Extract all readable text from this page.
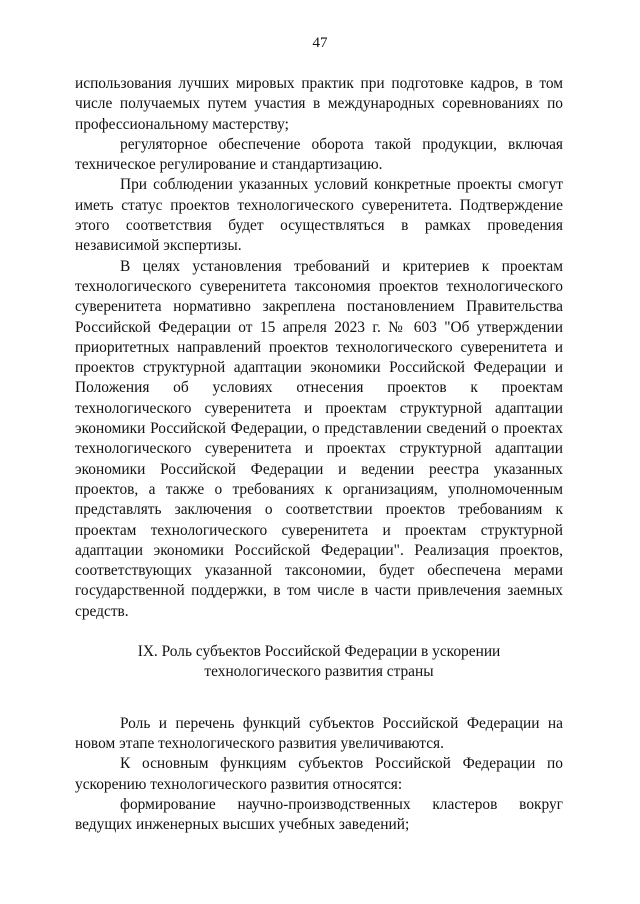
47

использования лучших мировых практик при подготовке кадров, в том числе получаемых путем участия в международных соревнованиях по профессиональному мастерству;

регуляторное обеспечение оборота такой продукции, включая техническое регулирование и стандартизацию.

При соблюдении указанных условий конкретные проекты смогут иметь статус проектов технологического суверенитета. Подтверждение этого соответствия будет осуществляться в рамках проведения независимой экспертизы.

В целях установления требований и критериев к проектам технологического суверенитета таксономия проектов технологического суверенитета нормативно закреплена постановлением Правительства Российской Федерации от 15 апреля 2023 г. № 603 "Об утверждении приоритетных направлений проектов технологического суверенитета и проектов структурной адаптации экономики Российской Федерации и Положения об условиях отнесения проектов к проектам технологического суверенитета и проектам структурной адаптации экономики Российской Федерации, о представлении сведений о проектах технологического суверенитета и проектах структурной адаптации экономики Российской Федерации и ведении реестра указанных проектов, а также о требованиях к организациям, уполномоченным представлять заключения о соответствии проектов требованиям к проектам технологического суверенитета и проектам структурной адаптации экономики Российской Федерации". Реализация проектов, соответствующих указанной таксономии, будет обеспечена мерами государственной поддержки, в том числе в части привлечения заемных средств.

IX. Роль субъектов Российской Федерации в ускорении
технологического развития страны

Роль и перечень функций субъектов Российской Федерации на новом этапе технологического развития увеличиваются.

К основным функциям субъектов Российской Федерации по ускорению технологического развития относятся:

формирование научно-производственных кластеров вокруг ведущих инженерных высших учебных заведений;
